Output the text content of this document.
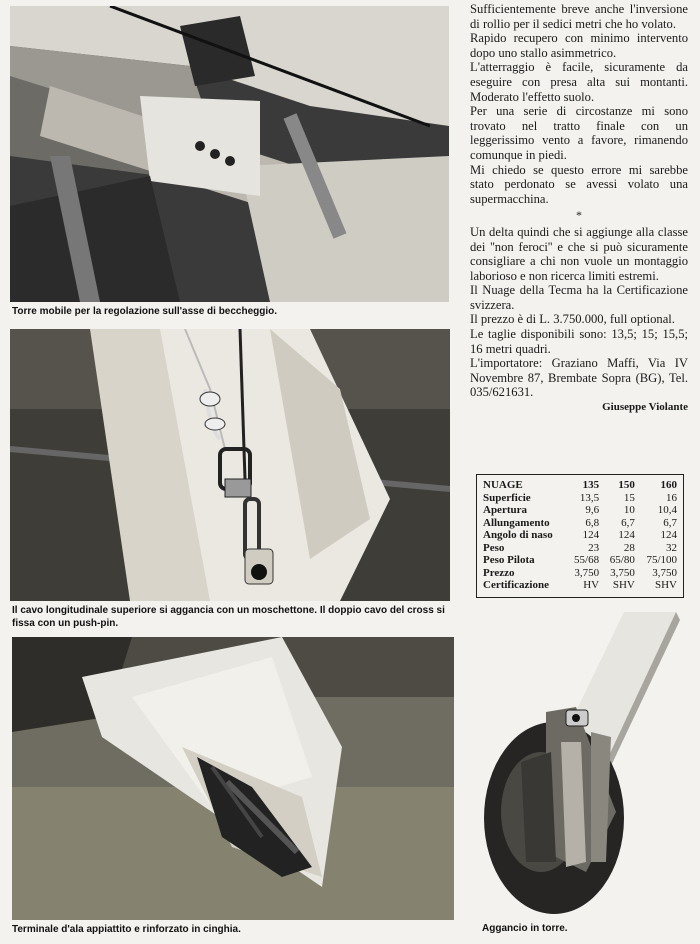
Torre mobile per la regolazione sull'asse di beccheggio.
Il cavo longitudinale superiore si aggancia con un moschettone. Il doppio cavo del cross si fissa con un push-pin.
Terminale d'ala appiattito e rinforzato in cinghia.	Aggancio in torre.

Sufficientemente breve anche l'inversione di rollio per il sedici metri che ho volato.

Rapido recupero con minimo intervento dopo uno stallo asimmetrico.

L'atterraggio è facile, sicuramente da eseguire con presa alta sui montanti. Moderato l'effetto suolo.

Per una serie di circostanze mi sono trovato nel tratto finale con un leggerissimo vento a favore, rimanendo comunque in piedi.

Mi chiedo se questo errore mi sarebbe stato perdonato se avessi volato una supermacchina.

*

Un delta quindi che si aggiunge alla classe dei ''non feroci'' e che si può sicuramente consigliare a chi non vuole un montaggio laborioso e non ricerca limiti estremi.

Il Nuage della Tecma ha la Certificazione svizzera.

Il prezzo è di L. 3.750.000, full optional.

Le taglie disponibili sono: 13,5; 15; 15,5; 16 metri quadri.

L'importatore: Graziano Maffi, Via IV Novembre 87, Brembate Sopra (BG), Tel. 035/621631.

Giuseppe Violante

NUAGE	135	150	160
Superficie	13,5	15	16
Apertura	9,6	10	10,4
Allungamento	6,8	6,7	6,7
Angolo di naso	124	124	124
Peso	23	28	32
Peso Pilota	55/68	65/80	75/100
Prezzo	3,750	3,750	3,750
Certificazione	HV	SHV	SHV
